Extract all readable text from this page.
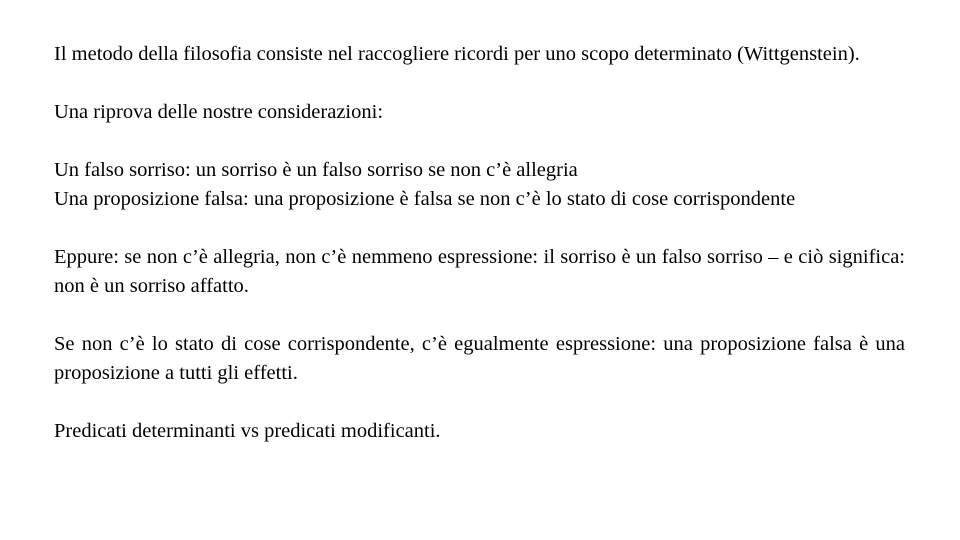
Il metodo della filosofia consiste nel raccogliere ricordi per uno scopo determinato (Wittgenstein).

Una riprova delle nostre considerazioni:

Un falso sorriso: un sorriso è un falso sorriso se non c’è allegria

Una proposizione falsa: una proposizione è falsa se non c’è lo stato di cose corrispondente

Eppure: se non c’è allegria, non c’è nemmeno espressione: il sorriso è un falso sorriso – e ciò significa: non è un sorriso affatto.

Se non c’è lo stato di cose corrispondente, c’è egualmente espressione: una proposizione falsa è una proposizione a tutti gli effetti.

Predicati determinanti vs predicati modificanti.
